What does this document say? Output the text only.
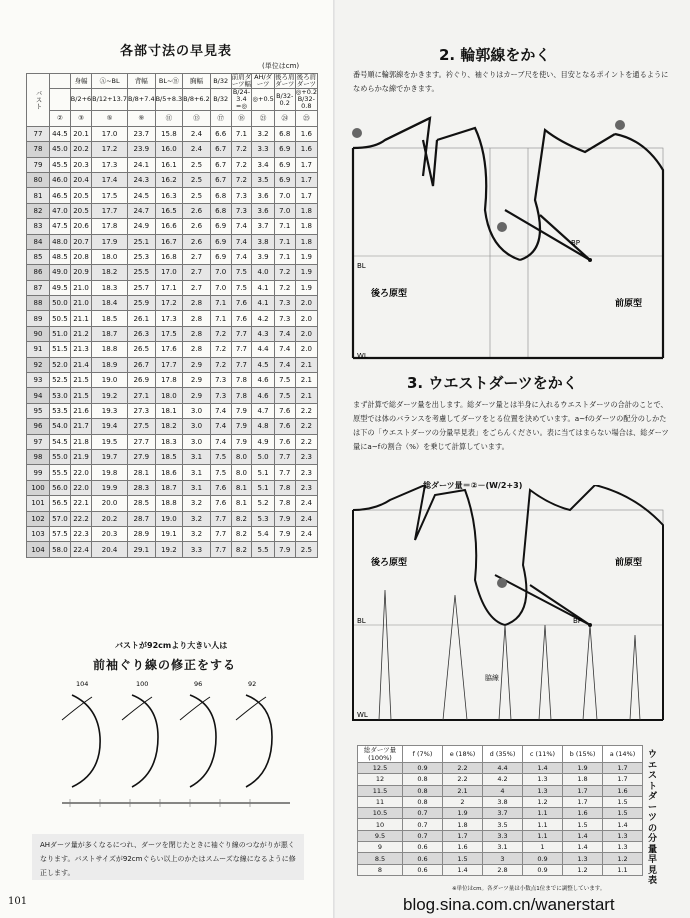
各部寸法の早見表
(単位はcm)
バスト		身幅	Ⓐ~BL	背幅	BL~Ⓑ	胸幅	B/32	前肩ダーツ幅	AH/ダーツ	後ろ肩ダーツ	後ろ肩ダーツ
		B/2+6	B/12+13.7	B/8+7.4	B/5+8.3	B/8+6.2	B/32	B/24-3.4 =◎	◎+0.5	B/32-0.2	◎+0.2 B/32-0.8
	②	③	⑤	⑨	⑪	⑬	⑰	⑱	㉑	㉔	㉕
77	44.5	20.1	17.0	23.7	15.8	2.4	6.6	7.1	3.2	6.8	1.6
78	45.0	20.2	17.2	23.9	16.0	2.4	6.7	7.2	3.3	6.9	1.6
79	45.5	20.3	17.3	24.1	16.1	2.5	6.7	7.2	3.4	6.9	1.7
80	46.0	20.4	17.4	24.3	16.2	2.5	6.7	7.2	3.5	6.9	1.7
81	46.5	20.5	17.5	24.5	16.3	2.5	6.8	7.3	3.6	7.0	1.7
82	47.0	20.5	17.7	24.7	16.5	2.6	6.8	7.3	3.6	7.0	1.8
83	47.5	20.6	17.8	24.9	16.6	2.6	6.9	7.4	3.7	7.1	1.8
84	48.0	20.7	17.9	25.1	16.7	2.6	6.9	7.4	3.8	7.1	1.8
85	48.5	20.8	18.0	25.3	16.8	2.7	6.9	7.4	3.9	7.1	1.9
86	49.0	20.9	18.2	25.5	17.0	2.7	7.0	7.5	4.0	7.2	1.9
87	49.5	21.0	18.3	25.7	17.1	2.7	7.0	7.5	4.1	7.2	1.9
88	50.0	21.0	18.4	25.9	17.2	2.8	7.1	7.6	4.1	7.3	2.0
89	50.5	21.1	18.5	26.1	17.3	2.8	7.1	7.6	4.2	7.3	2.0
90	51.0	21.2	18.7	26.3	17.5	2.8	7.2	7.7	4.3	7.4	2.0
91	51.5	21.3	18.8	26.5	17.6	2.8	7.2	7.7	4.4	7.4	2.0
92	52.0	21.4	18.9	26.7	17.7	2.9	7.2	7.7	4.5	7.4	2.1
93	52.5	21.5	19.0	26.9	17.8	2.9	7.3	7.8	4.6	7.5	2.1
94	53.0	21.5	19.2	27.1	18.0	2.9	7.3	7.8	4.6	7.5	2.1
95	53.5	21.6	19.3	27.3	18.1	3.0	7.4	7.9	4.7	7.6	2.2
96	54.0	21.7	19.4	27.5	18.2	3.0	7.4	7.9	4.8	7.6	2.2
97	54.5	21.8	19.5	27.7	18.3	3.0	7.4	7.9	4.9	7.6	2.2
98	55.0	21.9	19.7	27.9	18.5	3.1	7.5	8.0	5.0	7.7	2.3
99	55.5	22.0	19.8	28.1	18.6	3.1	7.5	8.0	5.1	7.7	2.3
100	56.0	22.0	19.9	28.3	18.7	3.1	7.6	8.1	5.1	7.8	2.3
101	56.5	22.1	20.0	28.5	18.8	3.2	7.6	8.1	5.2	7.8	2.4
102	57.0	22.2	20.2	28.7	19.0	3.2	7.7	8.2	5.3	7.9	2.4
103	57.5	22.3	20.3	28.9	19.1	3.2	7.7	8.2	5.4	7.9	2.4
104	58.0	22.4	20.4	29.1	19.2	3.3	7.7	8.2	5.5	7.9	2.5
バストが92cmより大きい人は
前袖ぐり線の修正をする
104	100	96	92
AHダーツ量が多くなるにつれ、ダーツを閉じたときに袖ぐり線のつながりが悪くなります。バストサイズが92cmぐらい以上のかたはスムーズな線になるように修正します。
101
2. 輪郭線をかく
番号順に輪郭線をかきます。衿ぐり、袖ぐりはカーブ尺を使い、目安となるポイントを通るようになめらかな線でかきます。
BL
WL
BP
後ろ原型
前原型
3. ウエストダーツをかく
まず計算で総ダーツ量を出します。総ダーツ量とは半身に入れるウエストダーツの合計のことで、原型では体のバランスを考慮してダーツをとる位置を決めています。a~fのダーツの配分のしかたは下の「ウエストダーツの分量早見表」をごらんください。表に当てはまらない場合は、総ダーツ量にa~fの割合（%）を乗じて計算しています。
総ダーツ量＝②－(W/2+3)
BL
WL
BP
後ろ原型	前原型
脇線
総ダーツ量 (100%)	f (7%)	e (18%)	d (35%)	c (11%)	b (15%)	a (14%)
12.5	0.9	2.2	4.4	1.4	1.9	1.7
12	0.8	2.2	4.2	1.3	1.8	1.7
11.5	0.8	2.1	4	1.3	1.7	1.6
11	0.8	2	3.8	1.2	1.7	1.5
10.5	0.7	1.9	3.7	1.1	1.6	1.5
10	0.7	1.8	3.5	1.1	1.5	1.4
9.5	0.7	1.7	3.3	1.1	1.4	1.3
9	0.6	1.6	3.1	1	1.4	1.3
8.5	0.6	1.5	3	0.9	1.3	1.2
8	0.6	1.4	2.8	0.9	1.2	1.1
ウエストダーツの分量早見表
※単位はcm。各ダーツ量は小数点1位までに調整しています。
blog.sina.com.cn/wanerstart
